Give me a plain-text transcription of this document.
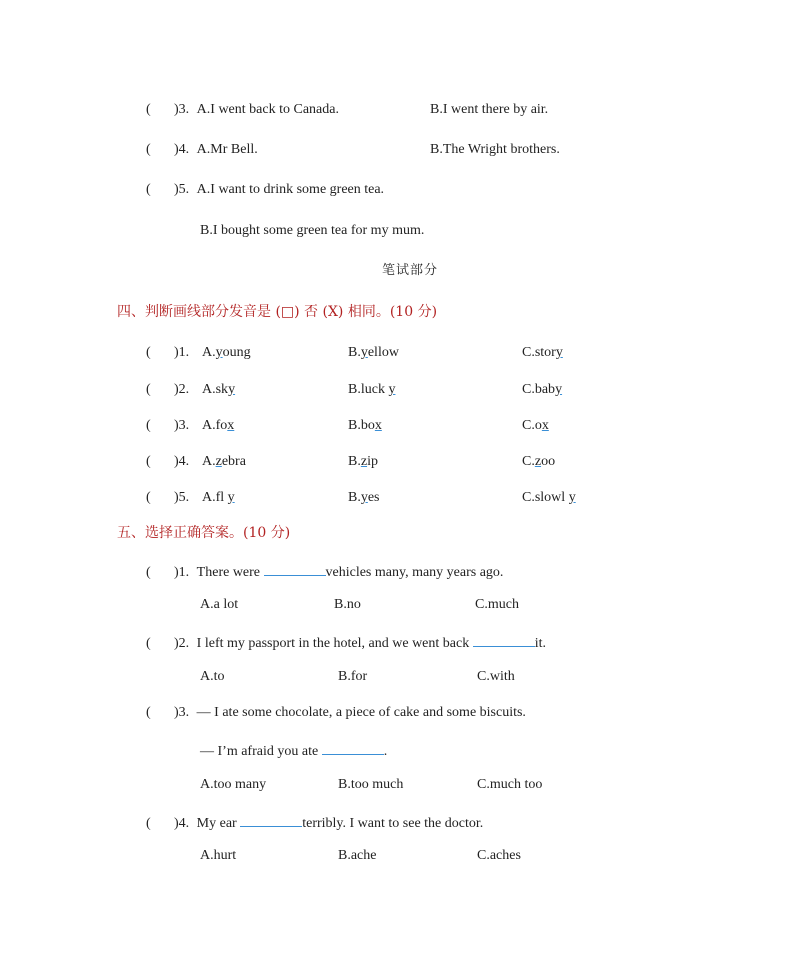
( )3. A.I went back to Canada.	B.I went there by air.
( )4. A.Mr Bell.	B.The Wright brothers.
( )5. A.I want to drink some green tea.
B.I bought some green tea for my mum.
笔试部分
四、判断画线部分发音是 (□) 否 (X) 相同。(10 分)
( )1. A.young	B.yellow	C.story
( )2. A.sky	B.luck y	C.baby
( )3. A.fox	B.box	C.ox
( )4. A.zebra	B.zip	C.zoo
( )5. A.fl y	B.yes	C.slowl y
五、选择正确答案。(10 分)
( )1. There were	vehicles many, many years ago.
A.a lot	B.no	C.much
( )2. I left my passport in the hotel, and we went back	it.
A.to	B.for	C.with
( )3. — I ate some chocolate, a piece of cake and some biscuits.
— I’m afraid you ate	.
A.too many	B.too much	C.much too
( )4. My ear	terribly. I want to see the doctor.
A.hurt	B.ache	C.aches
